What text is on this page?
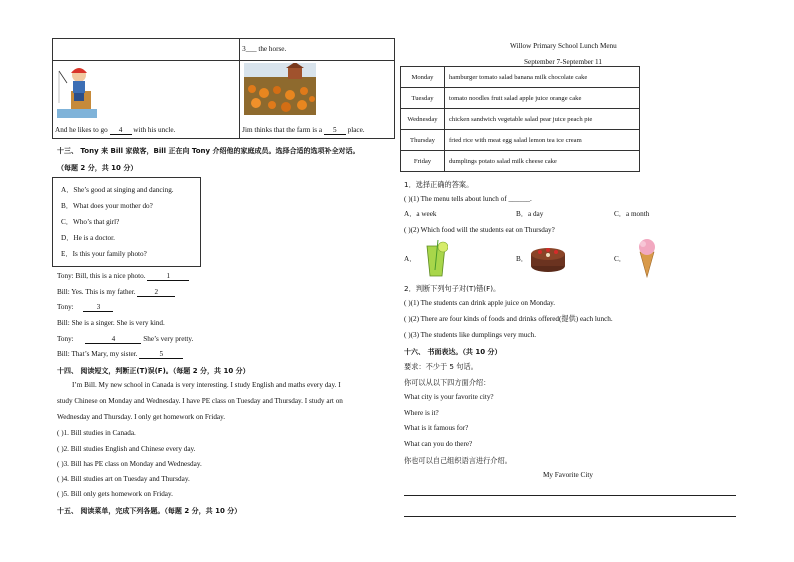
	3___ the horse.

And he likes to go 4 with his uncle.	Jim thinks that the farm is a 5 place.
十三、 Tony 来 Bill 家做客，Bill 正在向 Tony 介绍他的家庭成员。选择合适的选项补全对话。
（每题 2 分，共 10 分）
A．She’s good at singing and dancing.
B．What does your mother do?
C．Who’s that girl?
D．He is a doctor.
E．Is this your family photo?
Tony: Bill, this is a nice photo.	1
Bill: Yes. This is my father.	2
Tony:	3
Bill: She is a singer. She is very kind.
Tony:	4	She’s very pretty.
Bill: That’s Mary, my sister.	5
十四、 阅读短文，判断正(T)误(F)。（每题 2 分，共 10 分）
I’m Bill. My new school in Canada is very interesting. I study English and maths every day. I
study Chinese on Monday and Wednesday. I have PE class on Tuesday and Thursday. I study art on
Wednesday and Thursday. I only get homework on Friday.
( )1. Bill studies in Canada.
( )2. Bill studies English and Chinese every day.
( )3. Bill has PE class on Monday and Wednesday.
( )4. Bill studies art on Tuesday and Thursday.
( )5. Bill only gets homework on Friday.
十五、 阅读菜单，完成下列各题。（每题 2 分，共 10 分）
Willow Primary School Lunch Menu
September 7-September 11
Monday	hamburger tomato salad banana milk chocolate cake
Tuesday	tomato noodles fruit salad apple juice orange cake
Wednesday	chicken sandwich vegetable salad pear juice peach pie
Thursday	fried rice with meat egg salad lemon tea ice cream
Friday	dumplings potato salad milk cheese cake
1．选择正确的答案。
( )(1) The menu tells about lunch of ______.
A．a week	B．a day	C．a month
( )(2) Which food will the students eat on Thursday?
A．	B．	C．
2．判断下列句子对(T)错(F)。
( )(1) The students can drink apple juice on Monday.
( )(2) There are four kinds of foods and drinks offered(提供) each lunch.
( )(3) The students like dumplings very much.
十六、 书面表达。（共 10 分）
要求：不少于 5 句话。
你可以从以下四方面介绍：
What city is your favorite city?
Where is it?
What is it famous for?
What can you do there?
你也可以自己组织语言进行介绍。
My Favorite City
